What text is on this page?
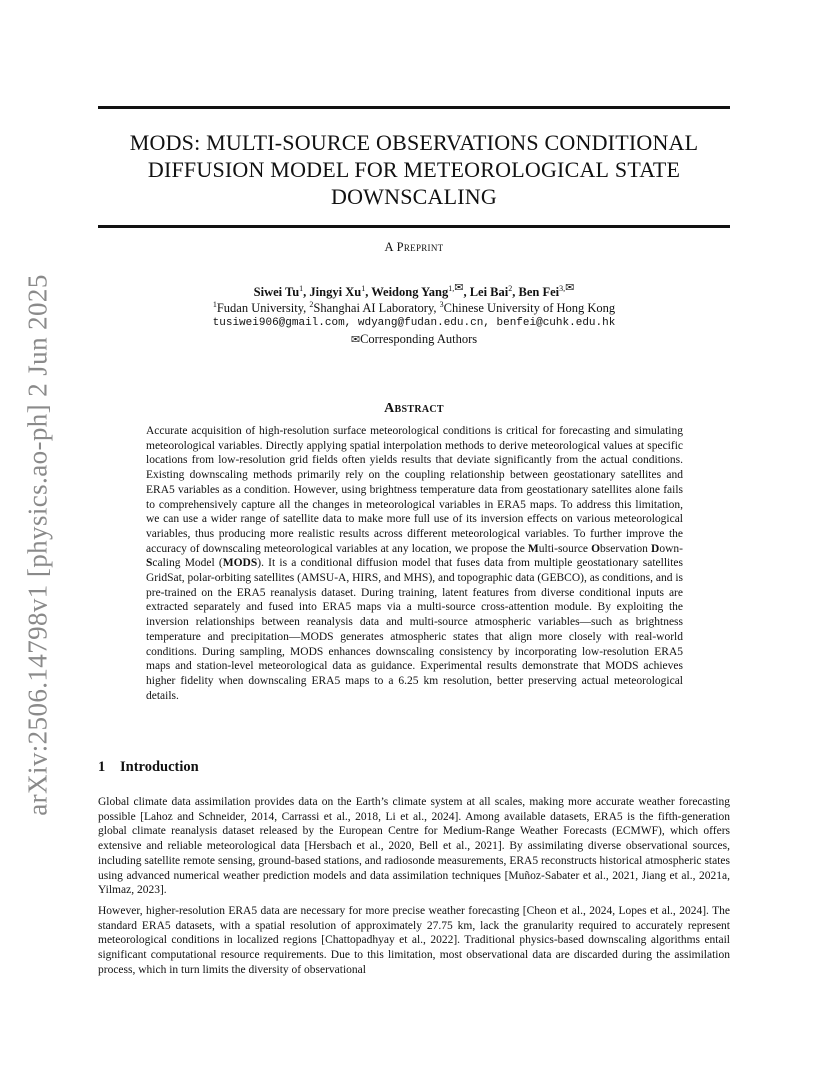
arXiv:2506.14798v1 [physics.ao-ph] 2 Jun 2025
MODS: MULTI-SOURCE OBSERVATIONS CONDITIONAL
DIFFUSION MODEL FOR METEOROLOGICAL STATE
DOWNSCALING
A Preprint
Siwei Tu$^1$, Jingyi Xu$^1$, Weidong Yang$^{1,✉}$, Lei Bai$^2$, Ben Fei$^{3,✉}$
$^1$Fudan University, $^2$Shanghai AI Laboratory, $^3$Chinese University of Hong Kong
tusiwei906@gmail.com, wdyang@fudan.edu.cn, benfei@cuhk.edu.hk
✉Corresponding Authors
Abstract

Accurate acquisition of high-resolution surface meteorological conditions is critical for forecasting and simulating meteorological variables. Directly applying spatial interpolation methods to derive meteorological values at specific locations from low-resolution grid fields often yields results that deviate significantly from the actual conditions. Existing downscaling methods primarily rely on the coupling relationship between geostationary satellites and ERA5 variables as a condition. However, using brightness temperature data from geostationary satellites alone fails to comprehensively capture all the changes in meteorological variables in ERA5 maps. To address this limitation, we can use a wider range of satellite data to make more full use of its inversion effects on various meteorological variables, thus producing more realistic results across different meteorological variables. To further improve the accuracy of downscaling meteorological variables at any location, we propose the Multi-source Observation Down-Scaling Model (MODS). It is a conditional diffusion model that fuses data from multiple geostationary satellites GridSat, polar-orbiting satellites (AMSU-A, HIRS, and MHS), and topographic data (GEBCO), as conditions, and is pre-trained on the ERA5 reanalysis dataset. During training, latent features from diverse conditional inputs are extracted separately and fused into ERA5 maps via a multi-source cross-attention module. By exploiting the inversion relationships between reanalysis data and multi-source atmospheric variables—such as brightness temperature and precipitation—MODS generates atmospheric states that align more closely with real-world conditions. During sampling, MODS enhances downscaling consistency by incorporating low-resolution ERA5 maps and station-level meteorological data as guidance. Experimental results demonstrate that MODS achieves higher fidelity when downscaling ERA5 maps to a 6.25 km resolution, better preserving actual meteorological details.

1 Introduction

Global climate data assimilation provides data on the Earth’s climate system at all scales, making more accurate weather forecasting possible [Lahoz and Schneider, 2014, Carrassi et al., 2018, Li et al., 2024]. Among available datasets, ERA5 is the fifth-generation global climate reanalysis dataset released by the European Centre for Medium-Range Weather Forecasts (ECMWF), which offers extensive and reliable meteorological data [Hersbach et al., 2020, Bell et al., 2021]. By assimilating diverse observational sources, including satellite remote sensing, ground-based stations, and radiosonde measurements, ERA5 reconstructs historical atmospheric states using advanced numerical weather prediction models and data assimilation techniques [Muñoz-Sabater et al., 2021, Jiang et al., 2021a, Yilmaz, 2023].

However, higher-resolution ERA5 data are necessary for more precise weather forecasting [Cheon et al., 2024, Lopes et al., 2024]. The standard ERA5 datasets, with a spatial resolution of approximately 27.75 km, lack the granularity required to accurately represent meteorological conditions in localized regions [Chattopadhyay et al., 2022]. Traditional physics-based downscaling algorithms entail significant computational resource requirements. Due to this limitation, most observational data are discarded during the assimilation process, which in turn limits the diversity of observational
